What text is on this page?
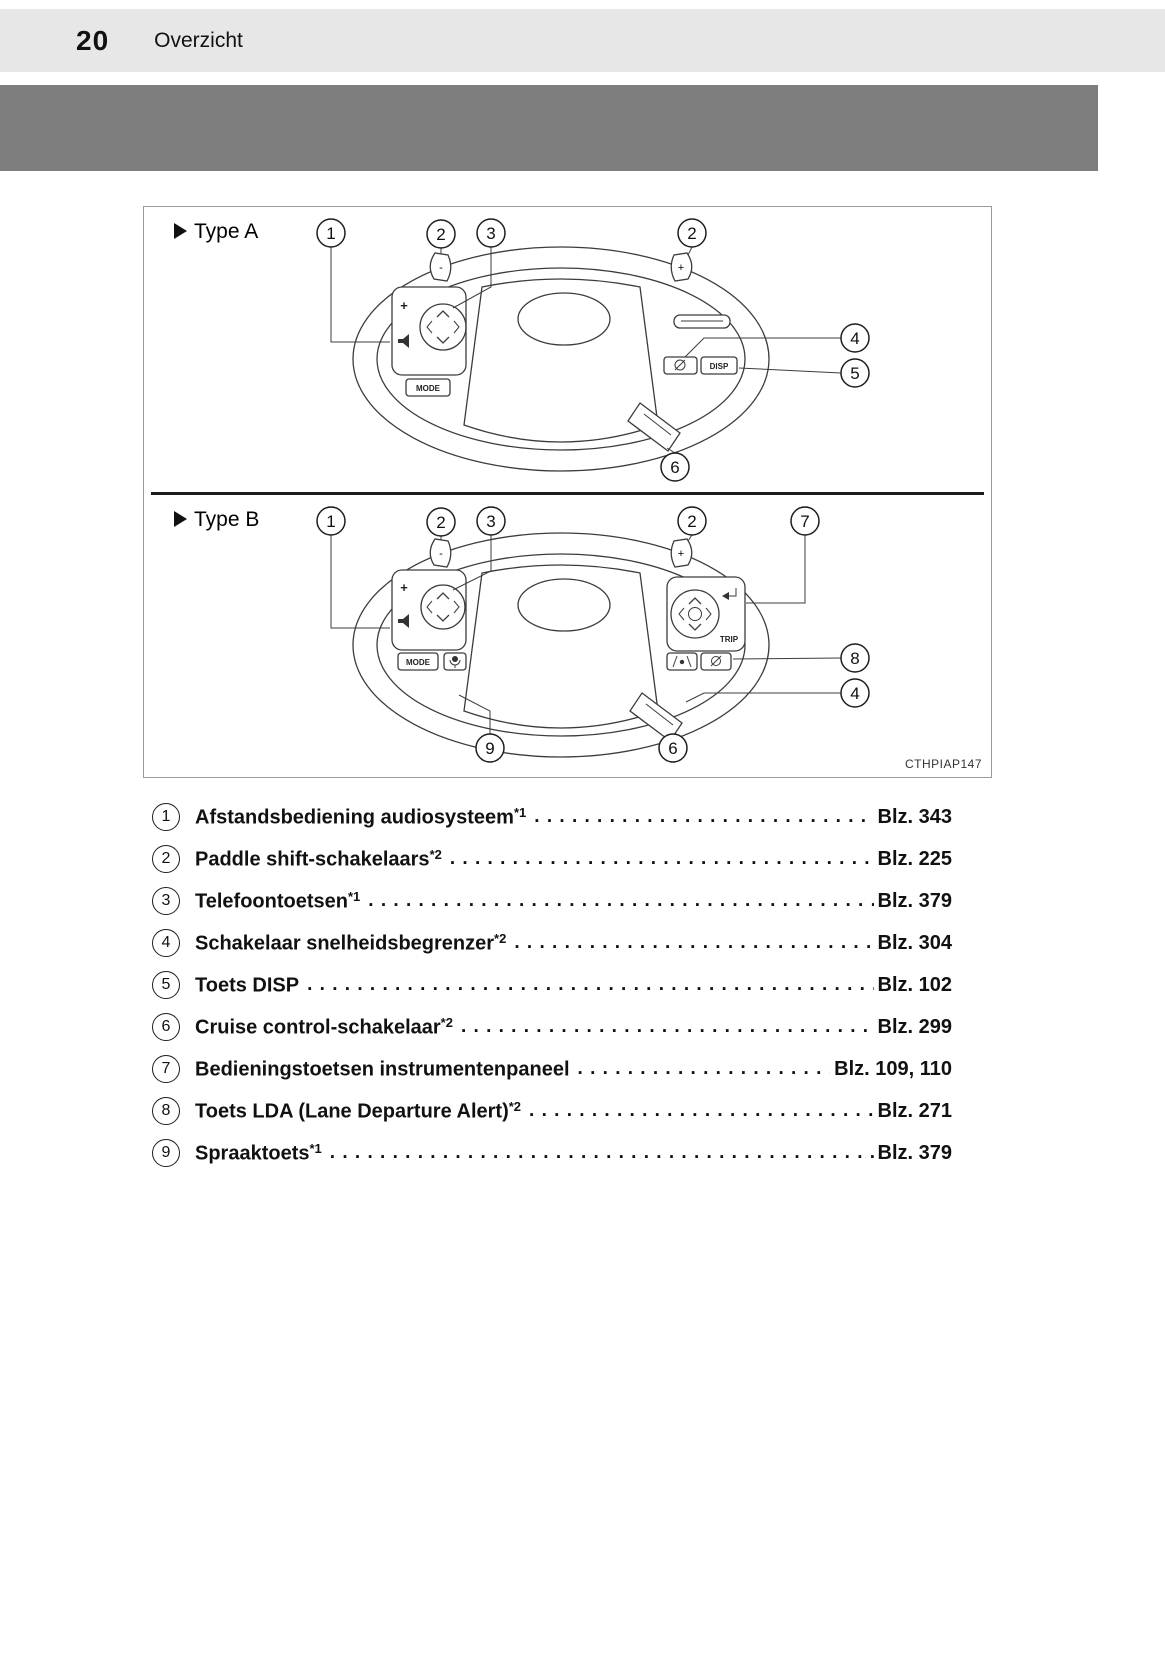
20 Overzicht
Type A
-	+
+
MODE
DISP
1	2 3	2
4
5
6
Type B
-	+
+
MODE
TRIP
1	2 3	2	7
8
4
9	6
CTHPIAP147
1	Afstandsbediening audiosysteem$^{*1}$ . . .	Blz. 343
2	Paddle shift-schakelaars$^{*2}$ . . .	Blz. 225
3	Telefoontoetsen$^{*1}$ . . .	Blz. 379
4	Schakelaar snelheidsbegrenzer$^{*2}$ . . .	Blz. 304
5	Toets DISP . . .	Blz. 102
6	Cruise control-schakelaar$^{*2}$ . . .	Blz. 299
7	Bedieningstoetsen instrumentenpaneel . . .	Blz. 109, 110
8	Toets LDA (Lane Departure Alert)$^{*2}$ . . .	Blz. 271
9	Spraaktoets$^{*1}$ . . .	Blz. 379
